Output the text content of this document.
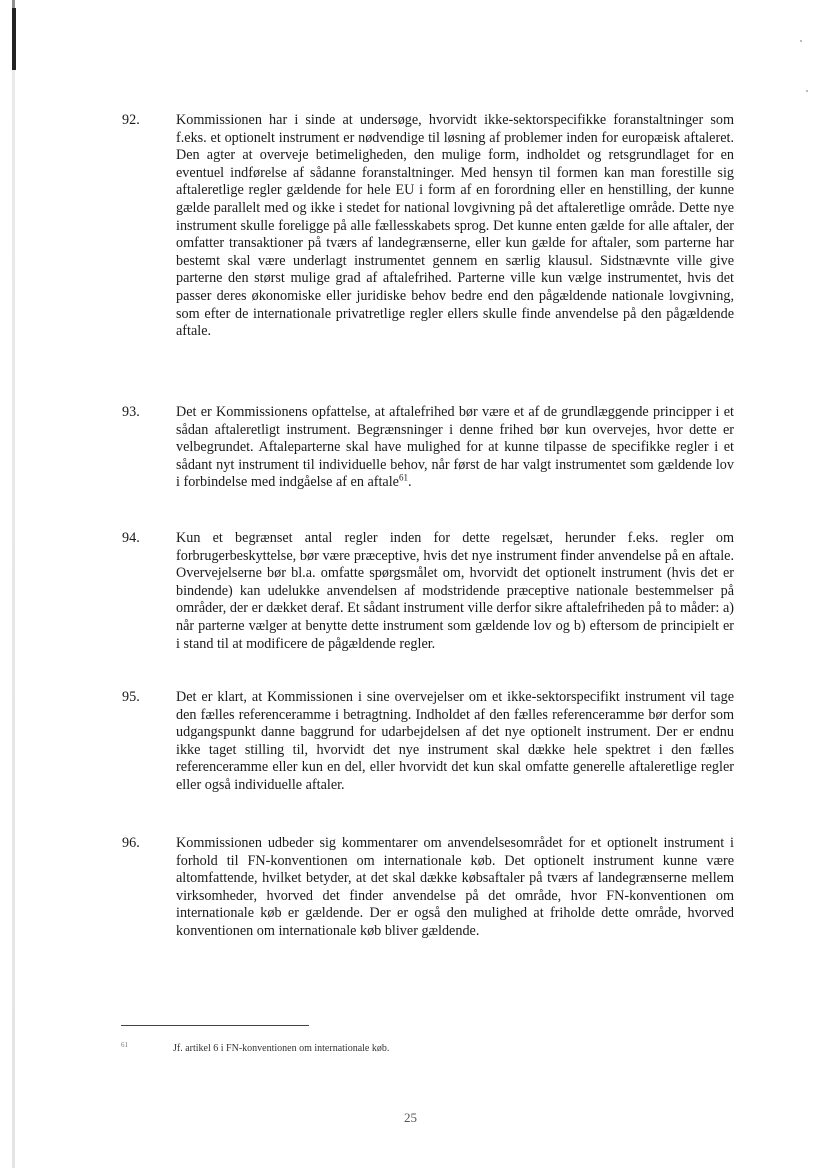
92.	Kommissionen har i sinde at undersøge, hvorvidt ikke-sektorspecifikke foranstaltninger som f.eks. et optionelt instrument er nødvendige til løsning af problemer inden for europæisk aftaleret. Den agter at overveje betimeligheden, den mulige form, indholdet og retsgrundlaget for en eventuel indførelse af sådanne foranstaltninger. Med hensyn til formen kan man forestille sig aftaleretlige regler gældende for hele EU i form af en forordning eller en henstilling, der kunne gælde parallelt med og ikke i stedet for national lovgivning på det aftaleretlige område. Dette nye instrument skulle foreligge på alle fællesskabets sprog. Det kunne enten gælde for alle aftaler, der omfatter transaktioner på tværs af landegrænserne, eller kun gælde for aftaler, som parterne har bestemt skal være underlagt instrumentet gennem en særlig klausul. Sidstnævnte ville give parterne den størst mulige grad af aftalefrihed. Parterne ville kun vælge instrumentet, hvis det passer deres økonomiske eller juridiske behov bedre end den pågældende nationale lovgivning, som efter de internationale privatretlige regler ellers skulle finde anvendelse på den pågældende aftale.
93.	Det er Kommissionens opfattelse, at aftalefrihed bør være et af de grundlæggende principper i et sådan aftaleretligt instrument. Begrænsninger i denne frihed bør kun overvejes, hvor dette er velbegrundet. Aftaleparterne skal have mulighed for at kunne tilpasse de specifikke regler i et sådant nyt instrument til individuelle behov, når først de har valgt instrumentet som gældende lov i forbindelse med indgåelse af en aftale$^{61}$.
94.	Kun et begrænset antal regler inden for dette regelsæt, herunder f.eks. regler om forbrugerbeskyttelse, bør være præceptive, hvis det nye instrument finder anvendelse på en aftale. Overvejelserne bør bl.a. omfatte spørgsmålet om, hvorvidt det optionelt instrument (hvis det er bindende) kan udelukke anvendelsen af modstridende præceptive nationale bestemmelser på områder, der er dækket deraf. Et sådant instrument ville derfor sikre aftalefriheden på to måder: a) når parterne vælger at benytte dette instrument som gældende lov og b) eftersom de principielt er i stand til at modificere de pågældende regler.
95.	Det er klart, at Kommissionen i sine overvejelser om et ikke-sektorspecifikt instrument vil tage den fælles referenceramme i betragtning. Indholdet af den fælles referenceramme bør derfor som udgangspunkt danne baggrund for udarbejdelsen af det nye optionelt instrument. Der er endnu ikke taget stilling til, hvorvidt det nye instrument skal dække hele spektret i den fælles referenceramme eller kun en del, eller hvorvidt det kun skal omfatte generelle aftaleretlige regler eller også individuelle aftaler.
96.	Kommissionen udbeder sig kommentarer om anvendelsesområdet for et optionelt instrument i forhold til FN-konventionen om internationale køb. Det optionelt instrument kunne være altomfattende, hvilket betyder, at det skal dække købsaftaler på tværs af landegrænserne mellem virksomheder, hvorved det finder anvendelse på det område, hvor FN-konventionen om internationale køb er gældende. Der er også den mulighed at friholde dette område, hvorved konventionen om internationale køb bliver gældende.
61	Jf. artikel 6 i FN-konventionen om internationale køb.
25
